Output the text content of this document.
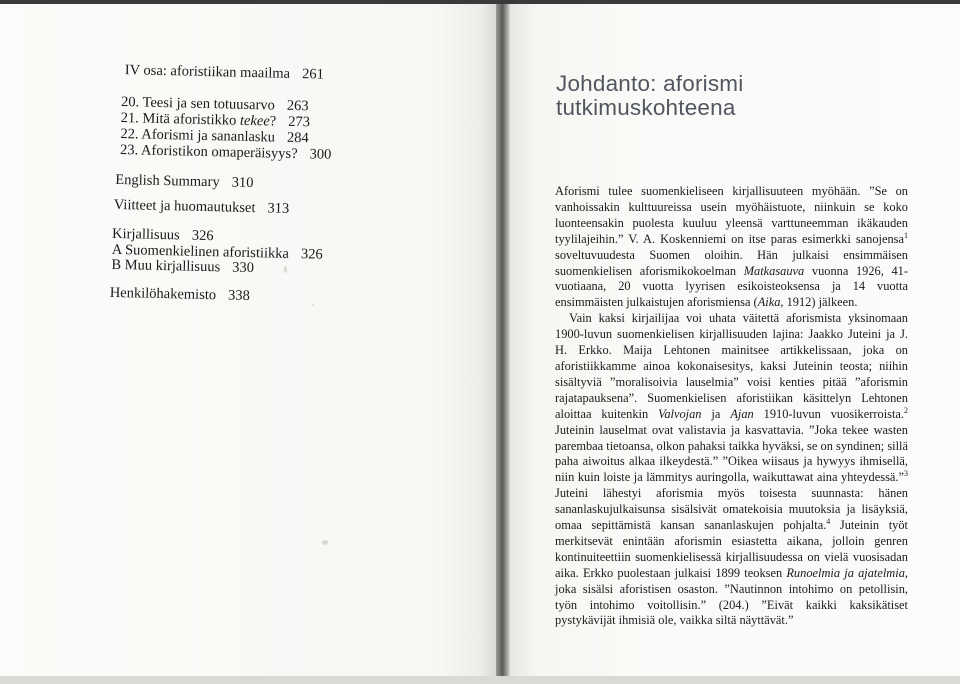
IV osa: aforistiikan maailma 261
20. Teesi ja sen totuusarvo 263
21. Mitä aforistikko tekee? 273
22. Aforismi ja sananlasku 284
23. Aforistikon omaperäisyys? 300
English Summary 310
Viitteet ja huomautukset 313
Kirjallisuus 326
A Suomenkielinen aforistiikka 326
B Muu kirjallisuus 330
Henkilöhakemisto 338
Johdanto: aforismi
tutkimuskohteena

Aforismi tulee suomenkieliseen kirjallisuuteen myöhään. ”Se on vanhoissakin kulttuureissa usein myöhäistuote, niinkuin se koko luonteensakin puolesta kuuluu yleensä varttuneemman ikäkauden tyylilajeihin.” V. A. Koskenniemi on itse paras esimerkki sanojensa$^1$ soveltuvuudesta Suomen oloihin. Hän julkaisi ensimmäisen suomenkielisen aforismikokoelman Matkasauva vuonna 1926, 41-vuotiaana, 20 vuotta lyyrisen esikoisteoksensa ja 14 vuotta ensimmäisten julkaistujen aforismiensa (Aika, 1912) jälkeen.

Vain kaksi kirjailijaa voi uhata väitettä aforismista yksinomaan 1900-luvun suomenkielisen kirjallisuuden lajina: Jaakko Juteini ja J. H. Erkko. Maija Lehtonen mainitsee artikkelissaan, joka on aforistiikkamme ainoa kokonaisesitys, kaksi Juteinin teosta; niihin sisältyviä ”moralisoivia lauselmia” voisi kenties pitää ”aforismin rajatapauksena”. Suomenkielisen aforistiikan käsittelyn Lehtonen aloittaa kuitenkin Valvojan ja Ajan 1910-luvun vuosikerroista.$^2$ Juteinin lauselmat ovat valistavia ja kasvattavia. ”Joka tekee wasten parembaa tietoansa, olkon pahaksi taikka hyväksi, se on syndinen; sillä paha aiwoitus alkaa ilkeydestä.” ”Oikea wiisaus ja hywyys ihmisellä, niin kuin loiste ja lämmitys auringolla, waikuttawat aina yhteydessä.”$^3$ Juteini lähestyi aforismia myös toisesta suunnasta: hänen sananlaskujulkaisunsa sisälsivät omatekoisia muutoksia ja lisäyksiä, omaa sepittämistä kansan sananlaskujen pohjalta.$^4$ Juteinin työt merkitsevät enintään aforismin esiastetta aikana, jolloin genren kontinuiteettiin suomenkielisessä kirjallisuudessa on vielä vuosisadan aika. Erkko puolestaan julkaisi 1899 teoksen Runoelmia ja ajatelmia, joka sisälsi aforistisen osaston. ”Nautinnon intohimo on petollisin, työn intohimo voitollisin.” (204.) ”Eivät kaikki kaksikätiset pystykävijät ihmisiä ole, vaikka siltä näyttävät.”
